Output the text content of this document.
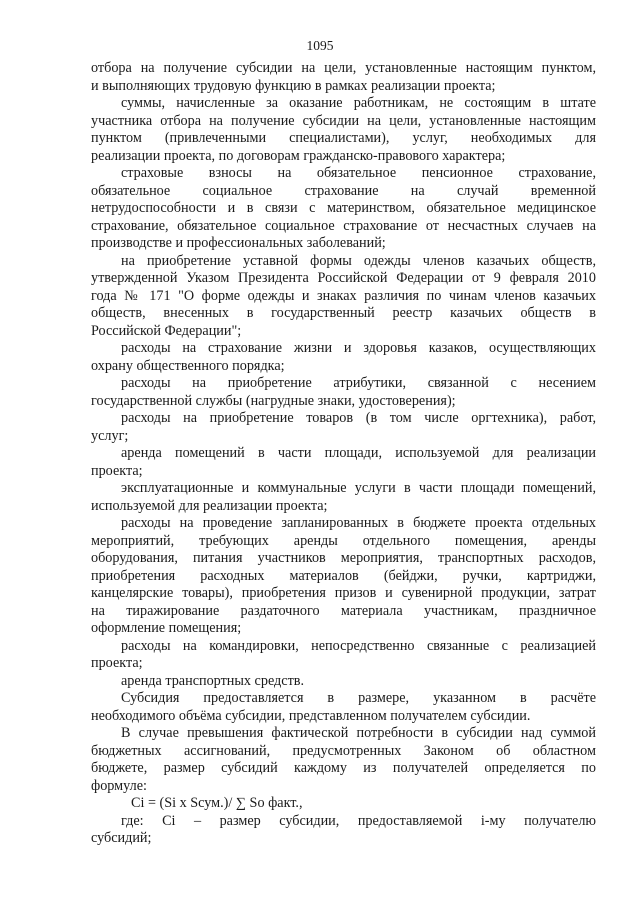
1095
отбора на получение субсидии на цели, установленные настоящим пунктом,
и выполняющих трудовую функцию в рамках реализации проекта;
суммы, начисленные за оказание работникам, не состоящим в штате
участника отбора на получение субсидии на цели, установленные настоящим
пунктом (привлеченными специалистами), услуг, необходимых для
реализации проекта, по договорам гражданско-правового характера;
страховые взносы на обязательное пенсионное страхование,
обязательное социальное страхование на случай временной
нетрудоспособности и в связи с материнством, обязательное медицинское
страхование, обязательное социальное страхование от несчастных случаев на
производстве и профессиональных заболеваний;
на приобретение уставной формы одежды членов казачьих обществ,
утвержденной Указом Президента Российской Федерации от 9 февраля 2010
года № 171 "О форме одежды и знаках различия по чинам членов казачьих
обществ, внесенных в государственный реестр казачьих обществ в
Российской Федерации";
расходы на страхование жизни и здоровья казаков, осуществляющих
охрану общественного порядка;
расходы на приобретение атрибутики, связанной с несением
государственной службы (нагрудные знаки, удостоверения);
расходы на приобретение товаров (в том числе оргтехника), работ,
услуг;
аренда помещений в части площади, используемой для реализации
проекта;
эксплуатационные и коммунальные услуги в части площади помещений,
используемой для реализации проекта;
расходы на проведение запланированных в бюджете проекта отдельных
мероприятий, требующих аренды отдельного помещения, аренды
оборудования, питания участников мероприятия, транспортных расходов,
приобретения расходных материалов (бейджи, ручки, картриджи,
канцелярские товары), приобретения призов и сувенирной продукции, затрат
на тиражирование раздаточного материала участникам, праздничное
оформление помещения;
расходы на командировки, непосредственно связанные с реализацией
проекта;
аренда транспортных средств.
Субсидия предоставляется в размере, указанном в расчёте
необходимого объёма субсидии, представленном получателем субсидии.
В случае превышения фактической потребности в субсидии над суммой
бюджетных ассигнований, предусмотренных Законом об областном
бюджете, размер субсидий каждому из получателей определяется по
формуле:
Ci = (Si x Sсум.)/ ∑ So факт.,
где: Ci – размер субсидии, предоставляемой i-му получателю
субсидий;
